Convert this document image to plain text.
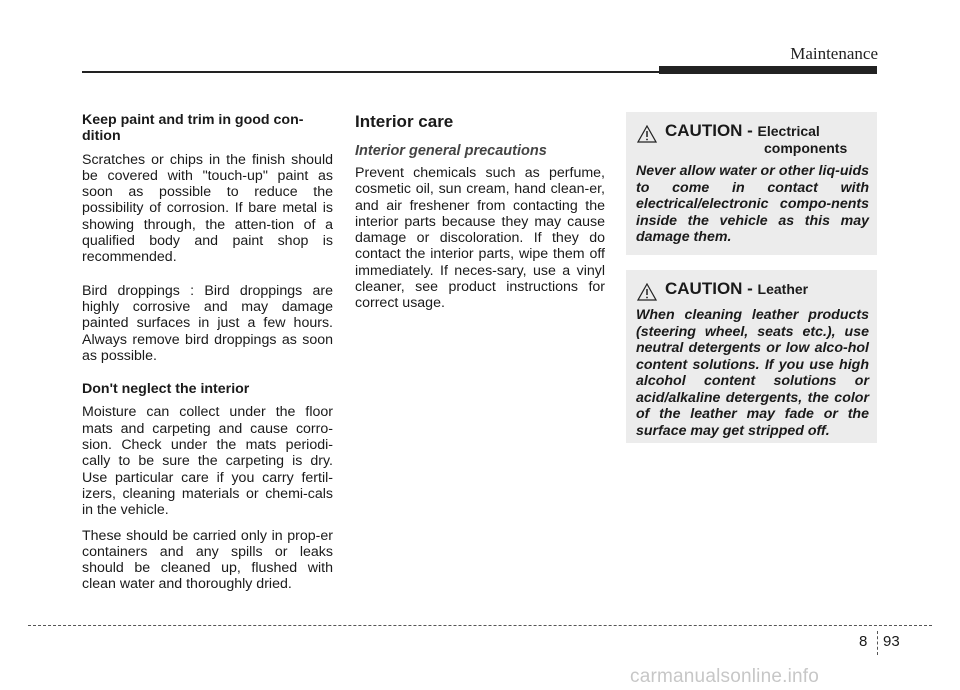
Maintenance
Keep paint and trim in good con-dition

Scratches or chips in the finish should be covered with "touch-up" paint as soon as possible to reduce the possibility of corrosion. If bare metal is showing through, the atten-tion of a qualified body and paint shop is recommended.

Bird droppings : Bird droppings are highly corrosive and may damage painted surfaces in just a few hours. Always remove bird droppings as soon as possible.

Don't neglect the interior

Moisture can collect under the floor mats and carpeting and cause corro-sion. Check under the mats periodi-cally to be sure the carpeting is dry. Use particular care if you carry fertil-izers, cleaning materials or chemi-cals in the vehicle.

These should be carried only in prop-er containers and any spills or leaks should be cleaned up, flushed with clean water and thoroughly dried.

Interior care
Interior general precautions

Prevent chemicals such as perfume, cosmetic oil, sun cream, hand clean-er, and air freshener from contacting the interior parts because they may cause damage or discoloration. If they do contact the interior parts, wipe them off immediately. If neces-sary, use a vinyl cleaner, see product instructions for correct usage.

CAUTION - Electrical
components

Never allow water or other liq-uids to come in contact with electrical/electronic compo-nents inside the vehicle as this may damage them.

CAUTION - Leather

When cleaning leather products (steering wheel, seats etc.), use neutral detergents or low alco-hol content solutions. If you use high alcohol content solutions or acid/alkaline detergents, the color of the leather may fade or the surface may get stripped off.

8 93
carmanualsonline.info
